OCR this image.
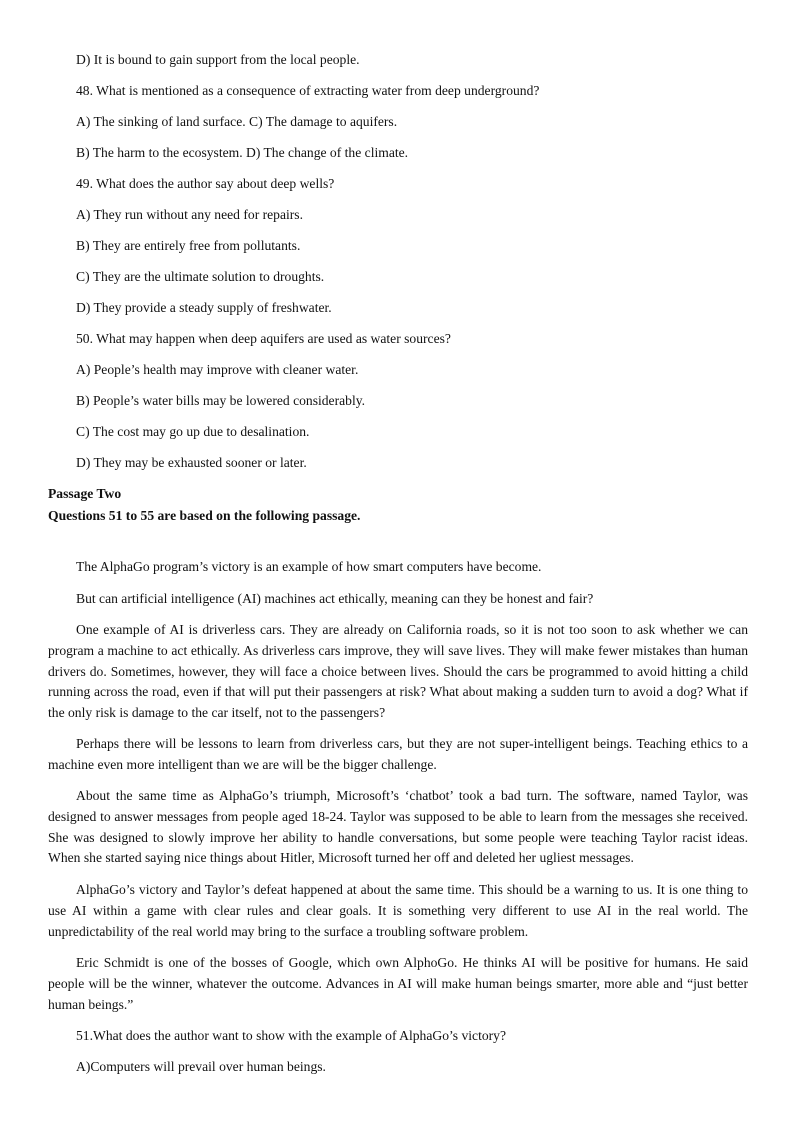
D) It is bound to gain support from the local people.
48. What is mentioned as a consequence of extracting water from deep underground?
A) The sinking of land surface. C) The damage to aquifers.
B) The harm to the ecosystem. D) The change of the climate.
49. What does the author say about deep wells?
A) They run without any need for repairs.
B) They are entirely free from pollutants.
C) They are the ultimate solution to droughts.
D) They provide a steady supply of freshwater.
50. What may happen when deep aquifers are used as water sources?
A) People’s health may improve with cleaner water.
B) People’s water bills may be lowered considerably.
C) The cost may go up due to desalination.
D) They may be exhausted sooner or later.
Passage Two
Questions 51 to 55 are based on the following passage.
The AlphaGo program’s victory is an example of how smart computers have become.
But can artificial intelligence (AI) machines act ethically, meaning can they be honest and fair?
One example of AI is driverless cars. They are already on California roads, so it is not too soon to ask whether we can program a machine to act ethically. As driverless cars improve, they will save lives. They will make fewer mistakes than human drivers do. Sometimes, however, they will face a choice between lives. Should the cars be programmed to avoid hitting a child running across the road, even if that will put their passengers at risk? What about making a sudden turn to avoid a dog? What if the only risk is damage to the car itself, not to the passengers?
Perhaps there will be lessons to learn from driverless cars, but they are not super-intelligent beings. Teaching ethics to a machine even more intelligent than we are will be the bigger challenge.
About the same time as AlphaGo’s triumph, Microsoft’s ‘chatbot’ took a bad turn. The software, named Taylor, was designed to answer messages from people aged 18-24. Taylor was supposed to be able to learn from the messages she received. She was designed to slowly improve her ability to handle conversations, but some people were teaching Taylor racist ideas. When she started saying nice things about Hitler, Microsoft turned her off and deleted her ugliest messages.
AlphaGo’s victory and Taylor’s defeat happened at about the same time. This should be a warning to us. It is one thing to use AI within a game with clear rules and clear goals. It is something very different to use AI in the real world. The unpredictability of the real world may bring to the surface a troubling software problem.
Eric Schmidt is one of the bosses of Google, which own AlphoGo. He thinks AI will be positive for humans. He said people will be the winner, whatever the outcome. Advances in AI will make human beings smarter, more able and “just better human beings.”
51.What does the author want to show with the example of AlphaGo’s victory?
A)Computers will prevail over human beings.
